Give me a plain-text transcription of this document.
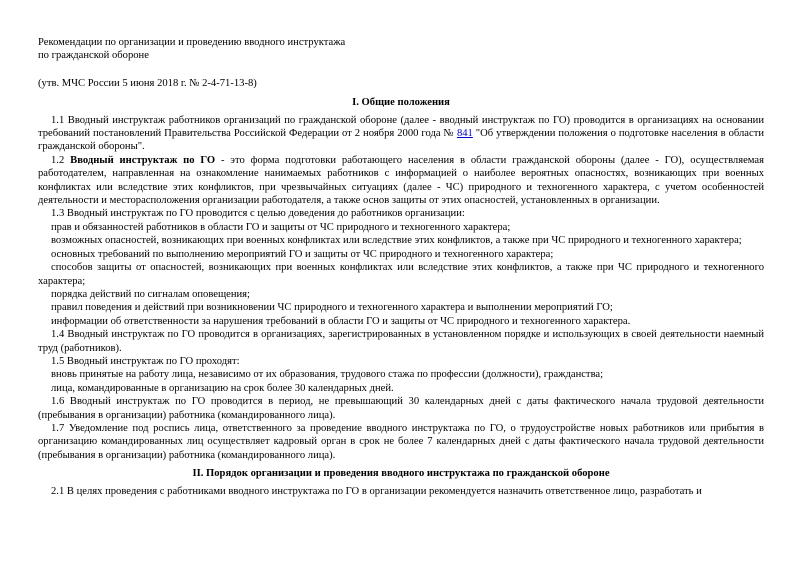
Рекомендации по организации и проведению вводного инструктажа
по гражданской обороне
(утв. МЧС России 5 июня 2018 г. № 2-4-71-13-8)
I. Общие положения

1.1 Вводный инструктаж работников организаций по гражданской обороне (далее - вводный инструктаж по ГО) проводится в организациях на основании требований постановлений Правительства Российской Федерации от 2 ноября 2000 года № 841 "Об утверждении положения о подготовке населения в области гражданской обороны".

1.2 Вводный инструктаж по ГО - это форма подготовки работающего населения в области гражданской обороны (далее - ГО), осуществляемая работодателем, направленная на ознакомление нанимаемых работников с информацией о наиболее вероятных опасностях, возникающих при военных конфликтах или вследствие этих конфликтов, при чрезвычайных ситуациях (далее - ЧС) природного и техногенного характера, с учетом особенностей деятельности и месторасположения организации работодателя, а также основ защиты от этих опасностей, установленных в организации.

1.3 Вводный инструктаж по ГО проводится с целью доведения до работников организации:

прав и обязанностей работников в области ГО и защиты от ЧС природного и техногенного характера;

возможных опасностей, возникающих при военных конфликтах или вследствие этих конфликтов, а также при ЧС природного и техногенного характера;

основных требований по выполнению мероприятий ГО и защиты от ЧС природного и техногенного характера;

способов защиты от опасностей, возникающих при военных конфликтах или вследствие этих конфликтов, а также при ЧС природного и техногенного характера;

порядка действий по сигналам оповещения;

правил поведения и действий при возникновении ЧС природного и техногенного характера и выполнении мероприятий ГО;

информации об ответственности за нарушения требований в области ГО и защиты от ЧС природного и техногенного характера.

1.4 Вводный инструктаж по ГО проводится в организациях, зарегистрированных в установленном порядке и использующих в своей деятельности наемный труд (работников).

1.5 Вводный инструктаж по ГО проходят:

вновь принятые на работу лица, независимо от их образования, трудового стажа по профессии (должности), гражданства;

лица, командированные в организацию на срок более 30 календарных дней.

1.6 Вводный инструктаж по ГО проводится в период, не превышающий 30 календарных дней с даты фактического начала трудовой деятельности (пребывания в организации) работника (командированного лица).

1.7 Уведомление под роспись лица, ответственного за проведение вводного инструктажа по ГО, о трудоустройстве новых работников или прибытия в организацию командированных лиц осуществляет кадровый орган в срок не более 7 календарных дней с даты фактического начала трудовой деятельности (пребывания в организации) работника (командированного лица).

II. Порядок организации и проведения вводного инструктажа по гражданской обороне

2.1 В целях проведения с работниками вводного инструктажа по ГО в организации рекомендуется назначить ответственное лицо, разработать и
